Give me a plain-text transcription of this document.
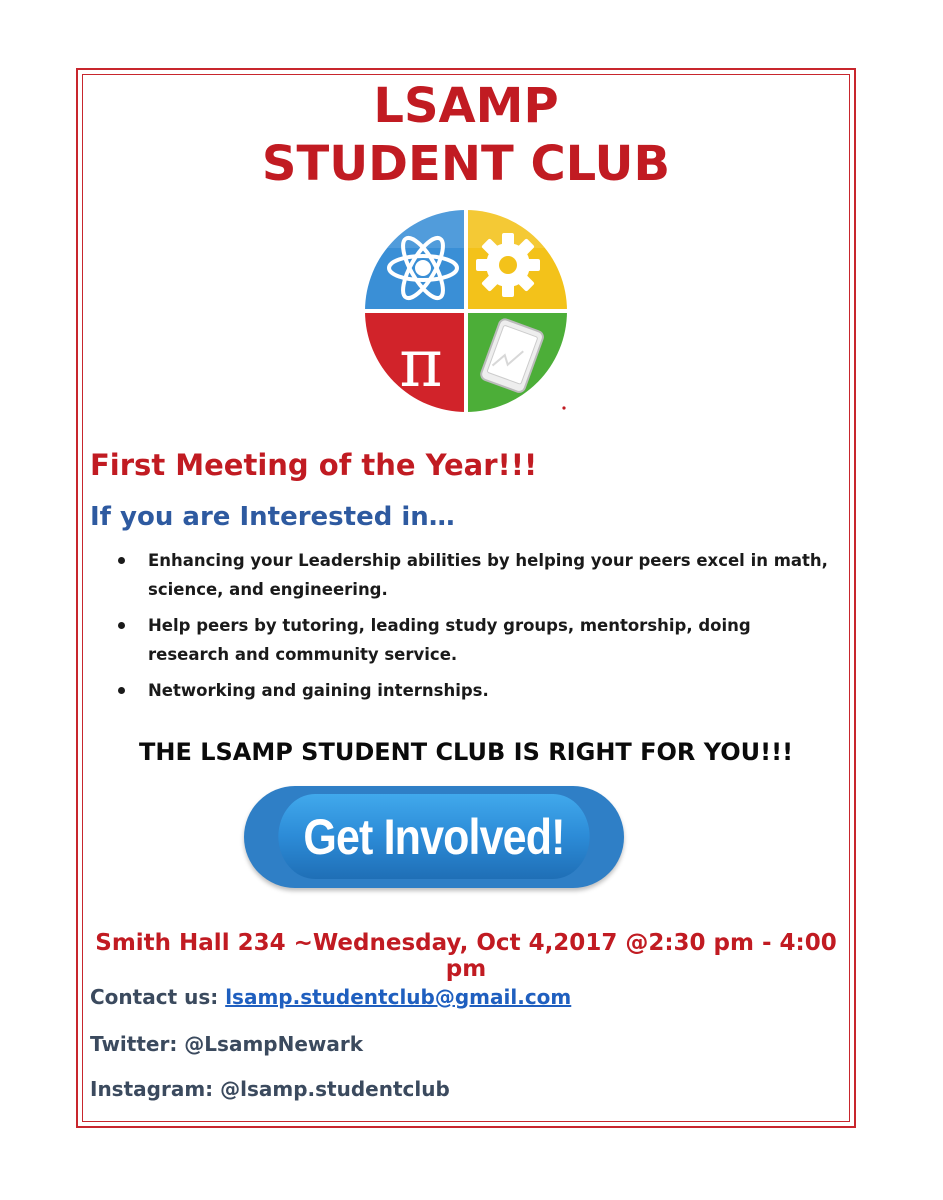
LSAMP
STUDENT CLUB
π
First Meeting of the Year!!!
If you are Interested in…
Enhancing your Leadership abilities by helping your peers excel in math, science, and engineering.
Help peers by tutoring, leading study groups, mentorship, doing research and community service.
Networking and gaining internships.

THE LSAMP STUDENT CLUB IS RIGHT FOR YOU!!!

Get Involved!

Smith Hall 234 ~Wednesday, Oct 4,2017 @2:30 pm - 4:00 pm

Contact us: lsamp.studentclub@gmail.com

Twitter: @LsampNewark

Instagram: @lsamp.studentclub
